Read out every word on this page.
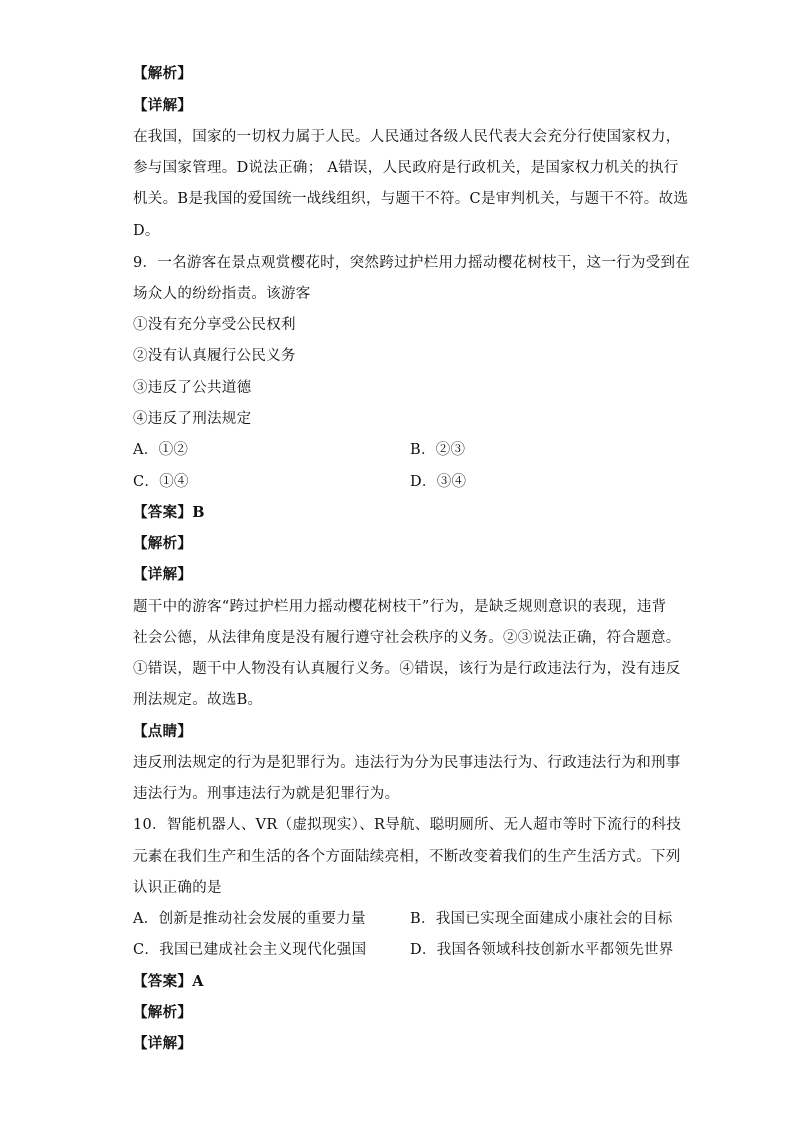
【解析】
【详解】
在我国，国家的一切权力属于人民。人民通过各级人民代表大会充分行使国家权力，
参与国家管理。D说法正确； A错误，人民政府是行政机关，是国家权力机关的执行
机关。B是我国的爱国统一战线组织，与题干不符。C是审判机关，与题干不符。故选
D。
9．一名游客在景点观赏樱花时，突然跨过护栏用力摇动樱花树枝干，这一行为受到在
场众人的纷纷指责。该游客
①没有充分享受公民权利
②没有认真履行公民义务
③违反了公共道德
④违反了刑法规定
A．①②	B．②③
C．①④	D．③④
【答案】B
【解析】
【详解】
题干中的游客“跨过护栏用力摇动樱花树枝干”行为，是缺乏规则意识的表现，违背
社会公德，从法律角度是没有履行遵守社会秩序的义务。②③说法正确，符合题意。
①错误，题干中人物没有认真履行义务。④错误，该行为是行政违法行为，没有违反
刑法规定。故选B。
【点睛】
违反刑法规定的行为是犯罪行为。违法行为分为民事违法行为、行政违法行为和刑事
违法行为。刑事违法行为就是犯罪行为。
10．智能机器人、VR（虚拟现实）、R导航、聪明厕所、无人超市等时下流行的科技
元素在我们生产和生活的各个方面陆续亮相，不断改变着我们的生产生活方式。下列
认识正确的是
A．创新是推动社会发展的重要力量	B．我国已实现全面建成小康社会的目标
C．我国已建成社会主义现代化强国	D．我国各领域科技创新水平都领先世界
【答案】A
【解析】
【详解】
